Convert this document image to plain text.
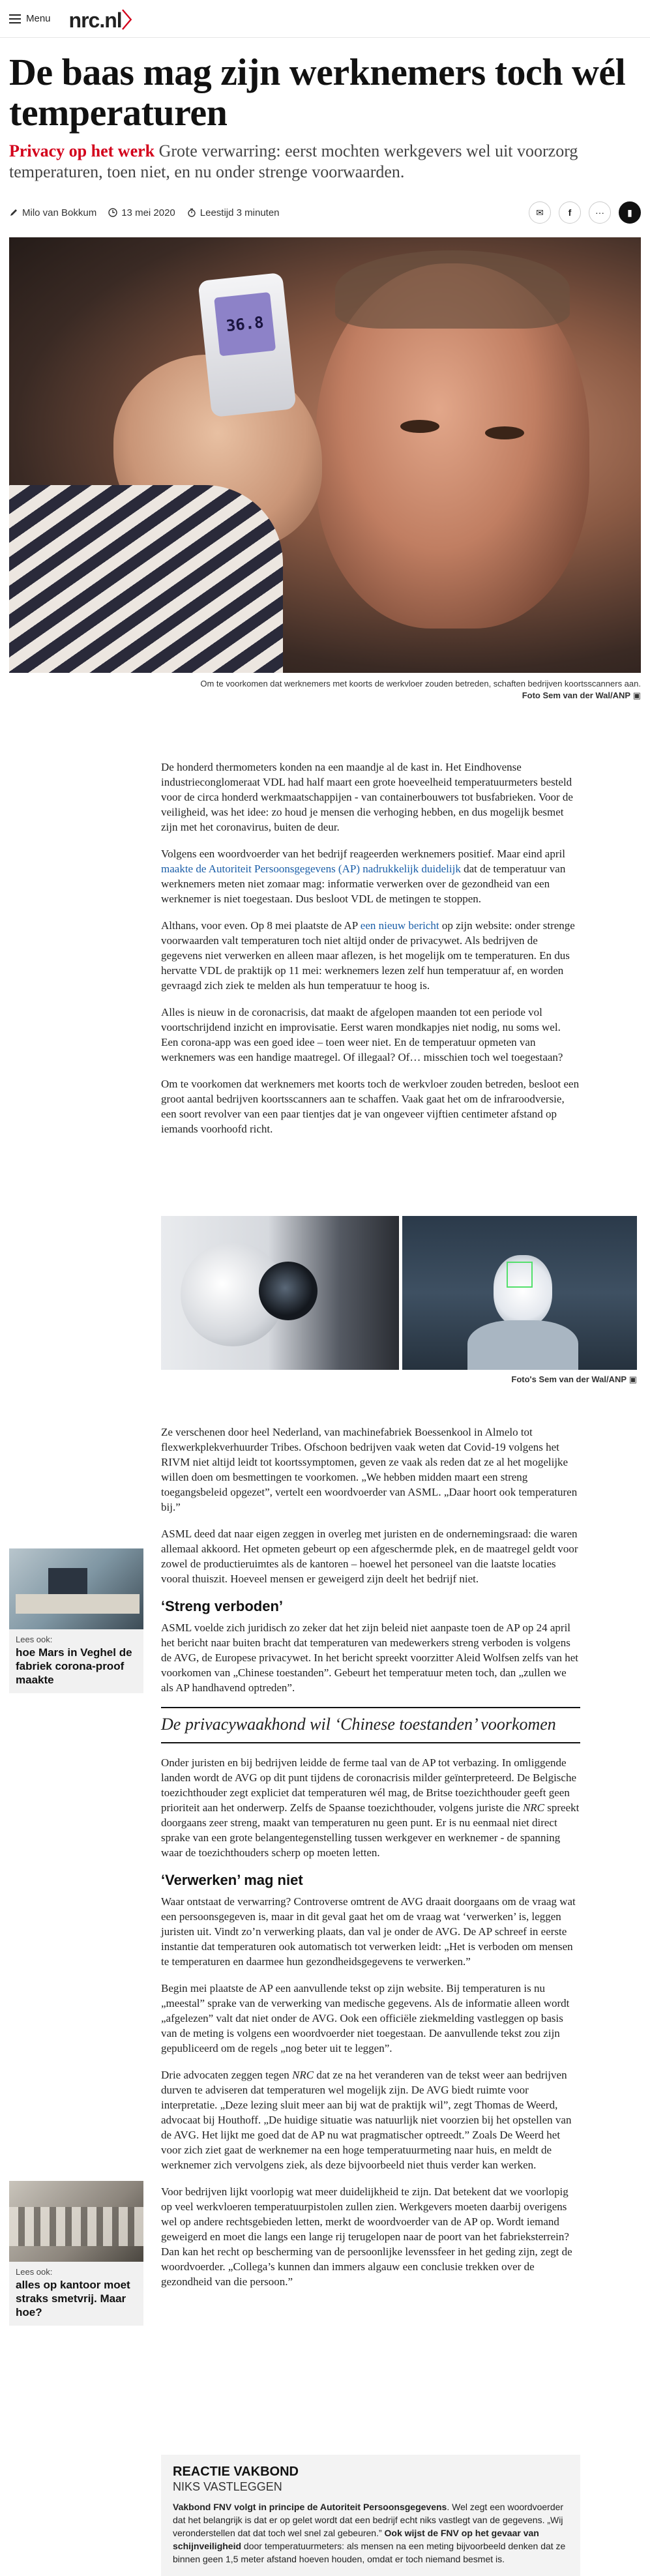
Menu nrc.nl〉
De baas mag zijn werknemers toch wél temperaturen

Privacy op het werk Grote verwarring: eerst mochten werkgevers wel uit voorzorg temperaturen, toen niet, en nu onder strenge voorwaarden.

Milo van Bokkum	13 mei 2020	Leestijd 3 minuten	✉	f	···	▮
36.8
Om te voorkomen dat werknemers met koorts de werkvloer zouden betreden, schaften bedrijven koortsscanners aan.
Foto Sem van der Wal/ANP ▣

De honderd thermometers konden na een maandje al de kast in. Het Eindhovense industrieconglomeraat VDL had half maart een grote hoeveelheid temperatuurmeters besteld voor de circa honderd werkmaatschappijen - van containerbouwers tot busfabrieken. Voor de veiligheid, was het idee: zo houd je mensen die verhoging hebben, en dus mogelijk besmet zijn met het coronavirus, buiten de deur.

Volgens een woordvoerder van het bedrijf reageerden werknemers positief. Maar eind april maakte de Autoriteit Persoonsgegevens (AP) nadrukkelijk duidelijk dat de temperatuur van werknemers meten niet zomaar mag: informatie verwerken over de gezondheid van een werknemer is niet toegestaan. Dus besloot VDL de metingen te stoppen.

Althans, voor even. Op 8 mei plaatste de AP een nieuw bericht op zijn website: onder strenge voorwaarden valt temperaturen toch niet altijd onder de privacywet. Als bedrijven de gegevens niet verwerken en alleen maar aflezen, is het mogelijk om te temperaturen. En dus hervatte VDL de praktijk op 11 mei: werknemers lezen zelf hun temperatuur af, en worden gevraagd zich ziek te melden als hun temperatuur te hoog is.

Alles is nieuw in de coronacrisis, dat maakt de afgelopen maanden tot een periode vol voortschrijdend inzicht en improvisatie. Eerst waren mondkapjes niet nodig, nu soms wel. Een corona-app was een goed idee – toen weer niet. En de temperatuur opmeten van werknemers was een handige maatregel. Of illegaal? Of… misschien toch wel toegestaan?

Om te voorkomen dat werknemers met koorts toch de werkvloer zouden betreden, besloot een groot aantal bedrijven koortsscanners aan te schaffen. Vaak gaat het om de infraroodversie, een soort revolver van een paar tientjes dat je van ongeveer vijftien centimeter afstand op iemands voorhoofd richt.

Foto's Sem van der Wal/ANP ▣

Ze verschenen door heel Nederland, van machinefabriek Boessenkool in Almelo tot flexwerkplekverhuurder Tribes. Ofschoon bedrijven vaak weten dat Covid-19 volgens het RIVM niet altijd leidt tot koortssymptomen, geven ze vaak als reden dat ze al het mogelijke willen doen om besmettingen te voorkomen. „We hebben midden maart een streng toegangsbeleid opgezet”, vertelt een woordvoerder van ASML. „Daar hoort ook temperaturen bij.”

ASML deed dat naar eigen zeggen in overleg met juristen en de ondernemingsraad: die waren allemaal akkoord. Het opmeten gebeurt op een afgeschermde plek, en de maatregel geldt voor zowel de productieruimtes als de kantoren – hoewel het personeel van die laatste locaties vooral thuiszit. Hoeveel mensen er geweigerd zijn deelt het bedrijf niet.

‘Streng verboden’

ASML voelde zich juridisch zo zeker dat het zijn beleid niet aanpaste toen de AP op 24 april het bericht naar buiten bracht dat temperaturen van medewerkers streng verboden is volgens de AVG, de Europese privacywet. In het bericht spreekt voorzitter Aleid Wolfsen zelfs van het voorkomen van „Chinese toestanden”. Gebeurt het temperatuur meten toch, dan „zullen we als AP handhavend optreden”.

De privacywaakhond wil ‘Chinese toestanden’ voorkomen

Onder juristen en bij bedrijven leidde de ferme taal van de AP tot verbazing. In omliggende landen wordt de AVG op dit punt tijdens de coronacrisis milder geïnterpreteerd. De Belgische toezichthouder zegt expliciet dat temperaturen wél mag, de Britse toezichthouder geeft geen prioriteit aan het onderwerp. Zelfs de Spaanse toezichthouder, volgens juriste die NRC spreekt doorgaans zeer streng, maakt van temperaturen nu geen punt. Er is nu eenmaal niet direct sprake van een grote belangentegenstelling tussen werkgever en werknemer - de spanning waar de toezichthouders scherp op moeten letten.

‘Verwerken’ mag niet

Waar ontstaat de verwarring? Controverse omtrent de AVG draait doorgaans om de vraag wat een persoonsgegeven is, maar in dit geval gaat het om de vraag wat ‘verwerken’ is, leggen juristen uit. Vindt zo’n verwerking plaats, dan val je onder de AVG. De AP schreef in eerste instantie dat temperaturen ook automatisch tot verwerken leidt: „Het is verboden om mensen te temperaturen en daarmee hun gezondheidsgegevens te verwerken.”

Begin mei plaatste de AP een aanvullende tekst op zijn website. Bij temperaturen is nu „meestal” sprake van de verwerking van medische gegevens. Als de informatie alleen wordt „afgelezen” valt dat niet onder de AVG. Ook een officiële ziekmelding vastleggen op basis van de meting is volgens een woordvoerder niet toegestaan. De aanvullende tekst zou zijn gepubliceerd om de regels „nog beter uit te leggen”.

Drie advocaten zeggen tegen NRC dat ze na het veranderen van de tekst weer aan bedrijven durven te adviseren dat temperaturen wel mogelijk zijn. De AVG biedt ruimte voor interpretatie. „Deze lezing sluit meer aan bij wat de praktijk wil”, zegt Thomas de Weerd, advocaat bij Houthoff. „De huidige situatie was natuurlijk niet voorzien bij het opstellen van de AVG. Het lijkt me goed dat de AP nu wat pragmatischer optreedt.” Zoals De Weerd het voor zich ziet gaat de werknemer na een hoge temperatuurmeting naar huis, en meldt de werknemer zich vervolgens ziek, als deze bijvoorbeeld niet thuis verder kan werken.

Voor bedrijven lijkt voorlopig wat meer duidelijkheid te zijn. Dat betekent dat we voorlopig op veel werkvloeren temperatuurpistolen zullen zien. Werkgevers moeten daarbij overigens wel op andere rechtsgebieden letten, merkt de woordvoerder van de AP op. Wordt iemand geweigerd en moet die langs een lange rij terugelopen naar de poort van het fabrieksterrein? Dan kan het recht op bescherming van de persoonlijke levenssfeer in het geding zijn, zegt de woordvoerder. „Collega’s kunnen dan immers algauw een conclusie trekken over de gezondheid van die persoon.”

Lees ook:
hoe Mars in Veghel de fabriek corona-proof maakte
Lees ook:
alles op kantoor moet straks smetvrij. Maar hoe?
REACTIE VAKBOND
NIKS VASTLEGGEN
Vakbond FNV volgt in principe de Autoriteit Persoonsgegevens. Wel zegt een woordvoerder dat het belangrijk is dat er op gelet wordt dat een bedrijf echt niks vastlegt van de gegevens. „Wij veronderstellen dat dat toch wel snel zal gebeuren.” Ook wijst de FNV op het gevaar van schijnveiligheid door temperatuurmeters: als mensen na een meting bijvoorbeeld denken dat ze binnen geen 1,5 meter afstand hoeven houden, omdat er toch niemand besmet is.
